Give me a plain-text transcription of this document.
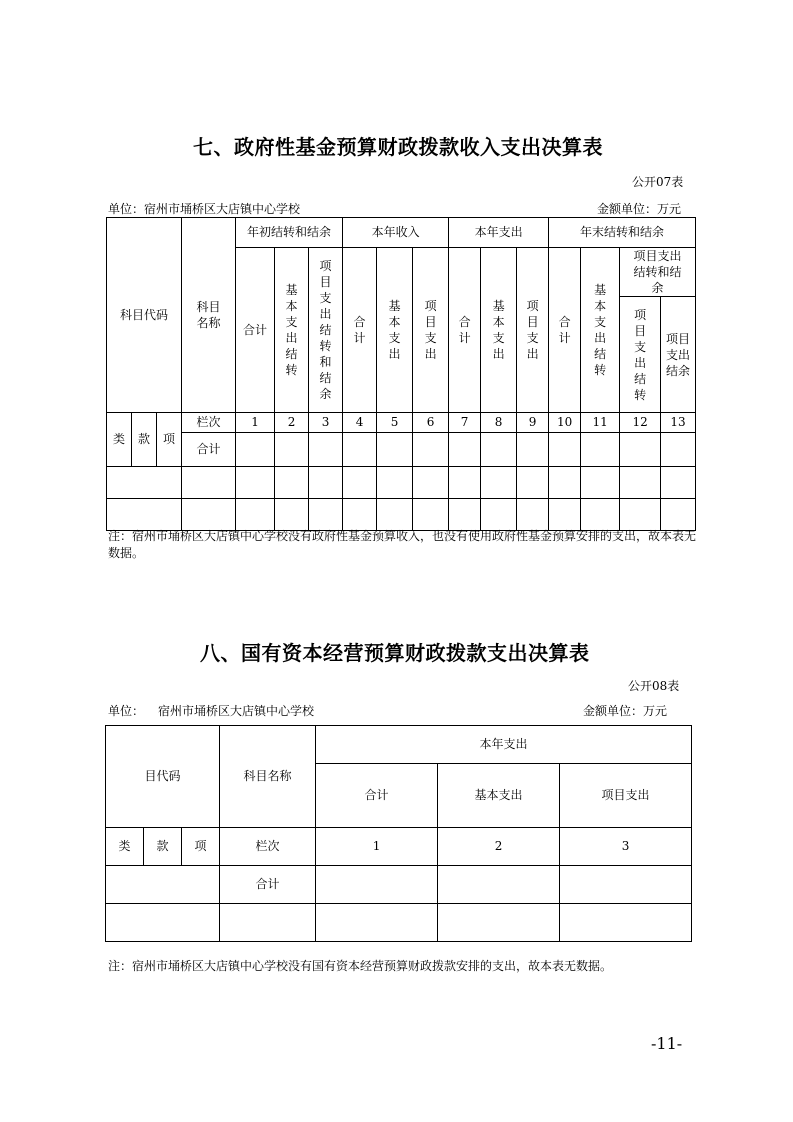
七、政府性基金预算财政拨款收入支出决算表
公开07表
单位：宿州市埇桥区大店镇中心学校	金额单位：万元
科目代码			科目名称	年初结转和结余			本年收入			本年支出			年末结转和结余			
				合计	基本支出结转	项目支出结转和结余	合计	基本支出	项目支出	合计	基本支出	项目支出	合计	基本支出结转	项目支出结转和结余	
															项目支出结转	项目支出结余
类	款	项	栏次	1	2	3	4	5	6	7	8	9	10	11	12	13
			合计													

注：宿州市埇桥区大店镇中心学校没有政府性基金预算收入，也没有使用政府性基金预算安排的支出，故本表无数据。
八、国有资本经营预算财政拨款支出决算表
公开08表
单位： 宿州市埇桥区大店镇中心学校	金额单位：万元
目代码			科目名称	本年支出		
				合计	基本支出	项目支出
类	款	项	栏次	1	2	3
			合计			

注：宿州市埇桥区大店镇中心学校没有国有资本经营预算财政拨款安排的支出，故本表无数据。
-11-
